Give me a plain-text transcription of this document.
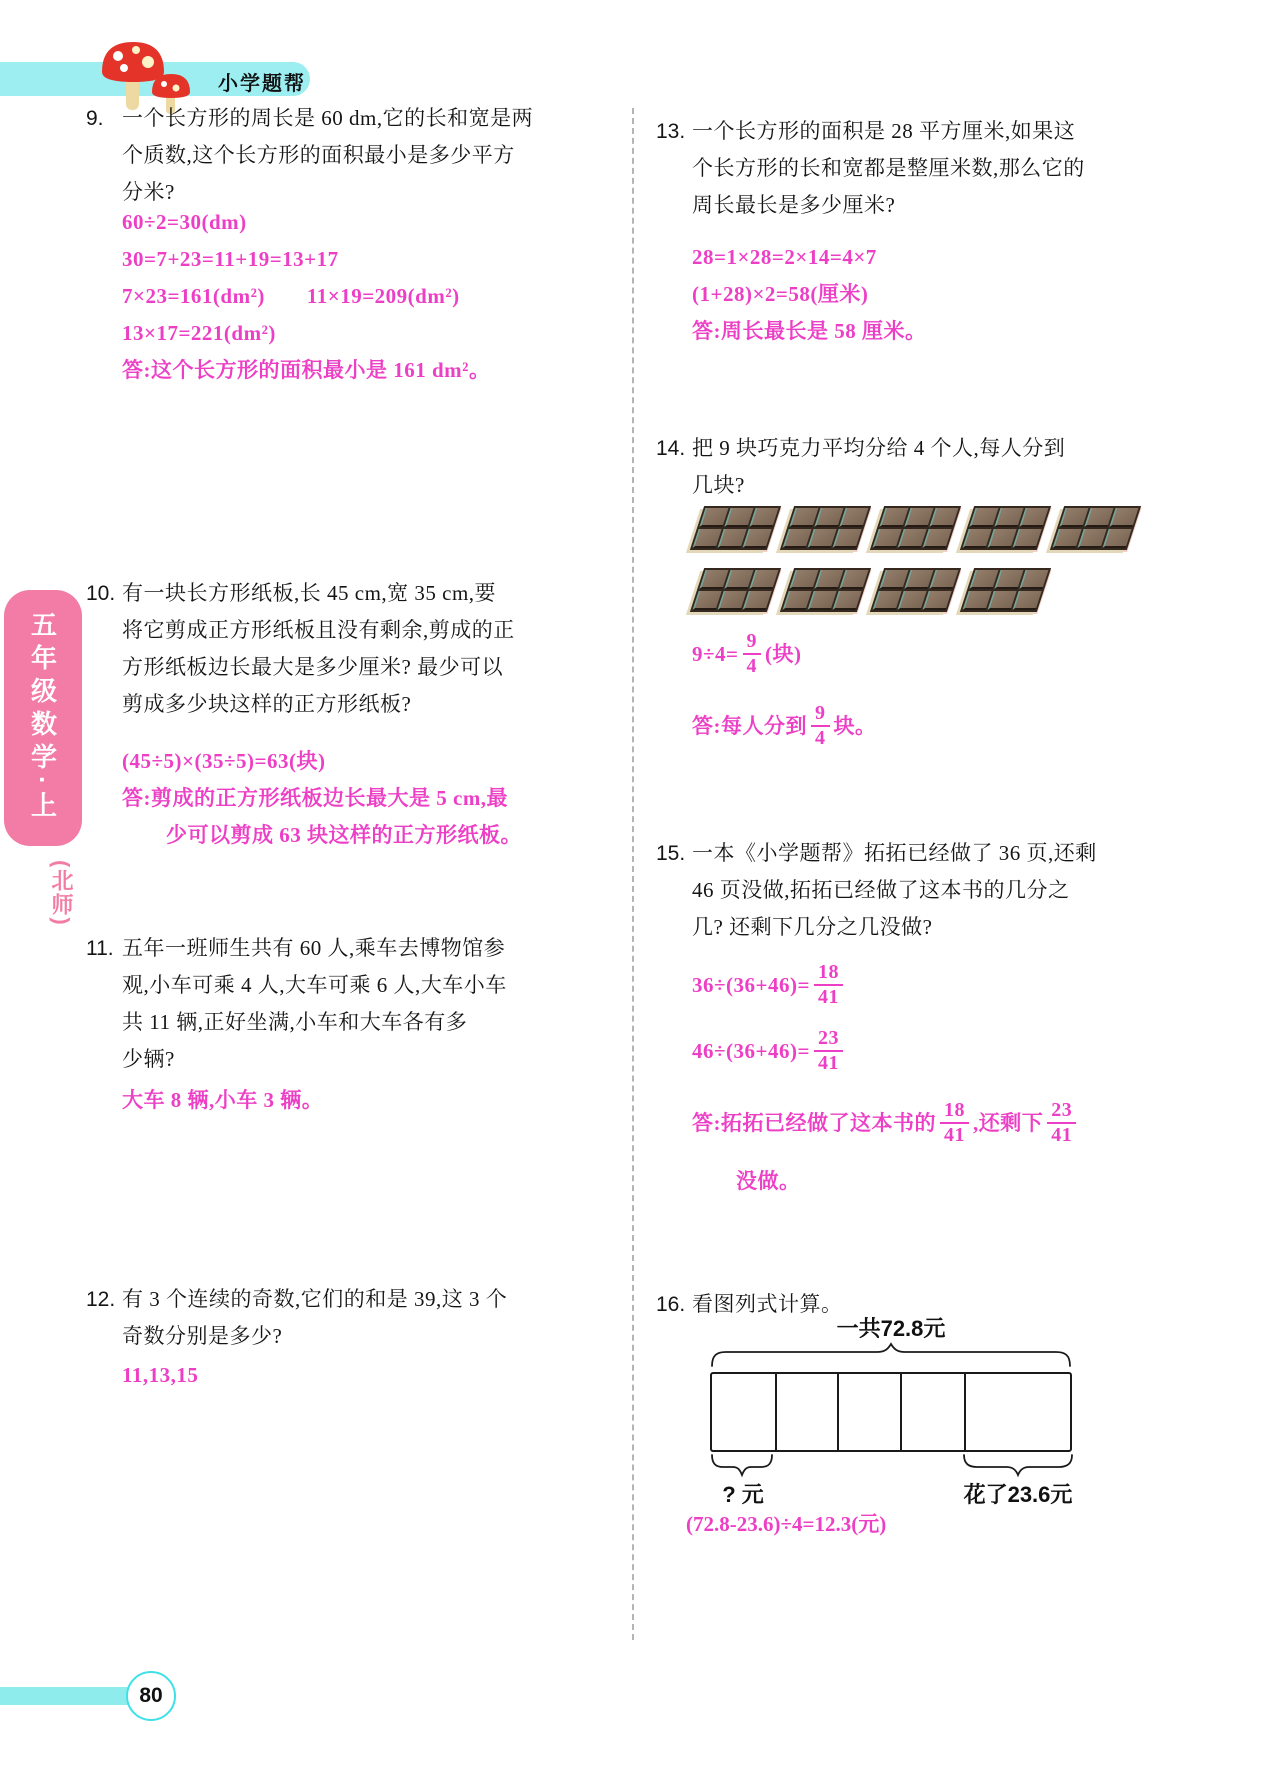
小学题帮
五年级数学·上
(北师)
9. 一个长方形的周长是 60 dm,它的长和宽是两
个质数,这个长方形的面积最小是多少平方
分米?
60÷2=30(dm)
30=7+23=11+19=13+17
7×23=161(dm²) 11×19=209(dm²)
13×17=221(dm²)
答:这个长方形的面积最小是 161 dm²。
10. 有一块长方形纸板,长 45 cm,宽 35 cm,要
将它剪成正方形纸板且没有剩余,剪成的正
方形纸板边长最大是多少厘米? 最少可以
剪成多少块这样的正方形纸板?
(45÷5)×(35÷5)=63(块)
答:剪成的正方形纸板边长最大是 5 cm,最
少可以剪成 63 块这样的正方形纸板。
11. 五年一班师生共有 60 人,乘车去博物馆参
观,小车可乘 4 人,大车可乘 6 人,大车小车
共 11 辆,正好坐满,小车和大车各有多
少辆?
大车 8 辆,小车 3 辆。
12. 有 3 个连续的奇数,它们的和是 39,这 3 个
奇数分别是多少?
11,13,15
13. 一个长方形的面积是 28 平方厘米,如果这
个长方形的长和宽都是整厘米数,那么它的
周长最长是多少厘米?
28=1×28=2×14=4×7
(1+28)×2=58(厘米)
答:周长最长是 58 厘米。
14. 把 9 块巧克力平均分给 4 个人,每人分到
几块?
$9\div 4= \frac{9}{4}$ (块)
答:每人分到 $\frac{9}{4}$ 块。
15. 一本《小学题帮》拓拓已经做了 36 页,还剩
46 页没做,拓拓已经做了这本书的几分之
几? 还剩下几分之几没做?
$36\div(36+46)= \frac{18}{41}$
$46\div(36+46)= \frac{23}{41}$
答:拓拓已经做了这本书的 $\frac{18}{41}$ ,还剩下 $\frac{23}{41}$
没做。
16. 看图列式计算。
一共72.8元
? 元	花了23.6元
(72.8-23.6)÷4=12.3(元)
80
